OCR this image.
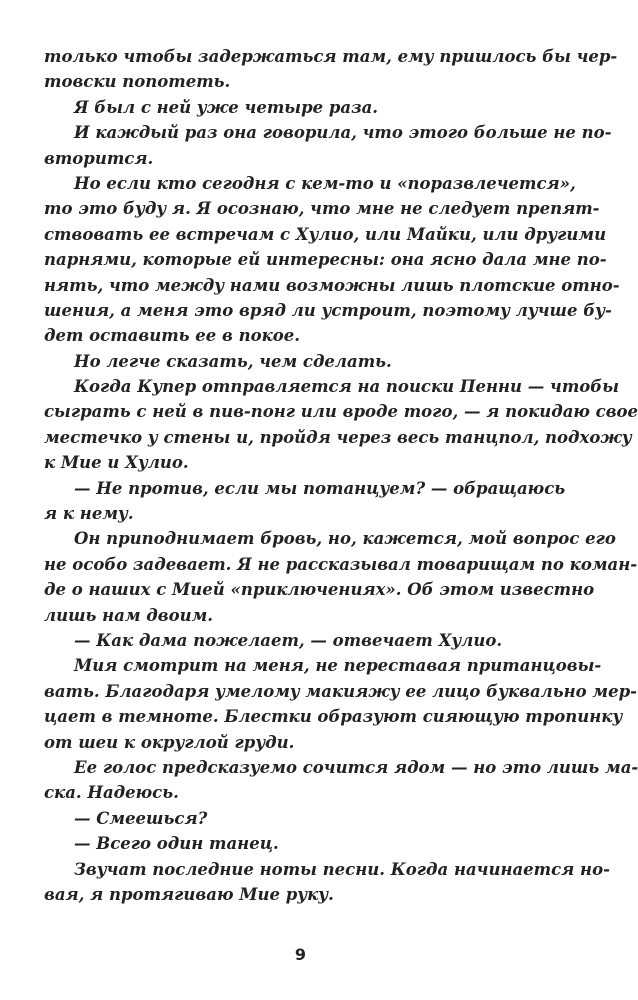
только чтобы задержаться там, ему пришлось бы чер-
товски попотеть.
Я был с ней уже четыре раза.
И каждый раз она говорила, что этого больше не по-
вторится.
Но если кто сегодня с кем-то и «поразвлечется»,
то это буду я. Я осознаю, что мне не следует препят-
ствовать ее встречам с Хулио, или Майки, или другими
парнями, которые ей интересны: она ясно дала мне по-
нять, что между нами возможны лишь плотские отно-
шения, а меня это вряд ли устроит, поэтому лучше бу-
дет оставить ее в покое.
Но легче сказать, чем сделать.
Когда Купер отправляется на поиски Пенни — чтобы
сыграть с ней в пив-понг или вроде того, — я покидаю свое
местечко у стены и, пройдя через весь танцпол, подхожу
к Мие и Хулио.
— Не против, если мы потанцуем? — обращаюсь
я к нему.
Он приподнимает бровь, но, кажется, мой вопрос его
не особо задевает. Я не рассказывал товарищам по коман-
де о наших с Мией «приключениях». Об этом известно
лишь нам двоим.
— Как дама пожелает, — отвечает Хулио.
Мия смотрит на меня, не переставая пританцовы-
вать. Благодаря умелому макияжу ее лицо буквально мер-
цает в темноте. Блестки образуют сияющую тропинку
от шеи к округлой груди.
Ее голос предсказуемо сочится ядом — но это лишь ма-
ска. Надеюсь.
— Смеешься?
— Всего один танец.
Звучат последние ноты песни. Когда начинается но-
вая, я протягиваю Мие руку.
9
